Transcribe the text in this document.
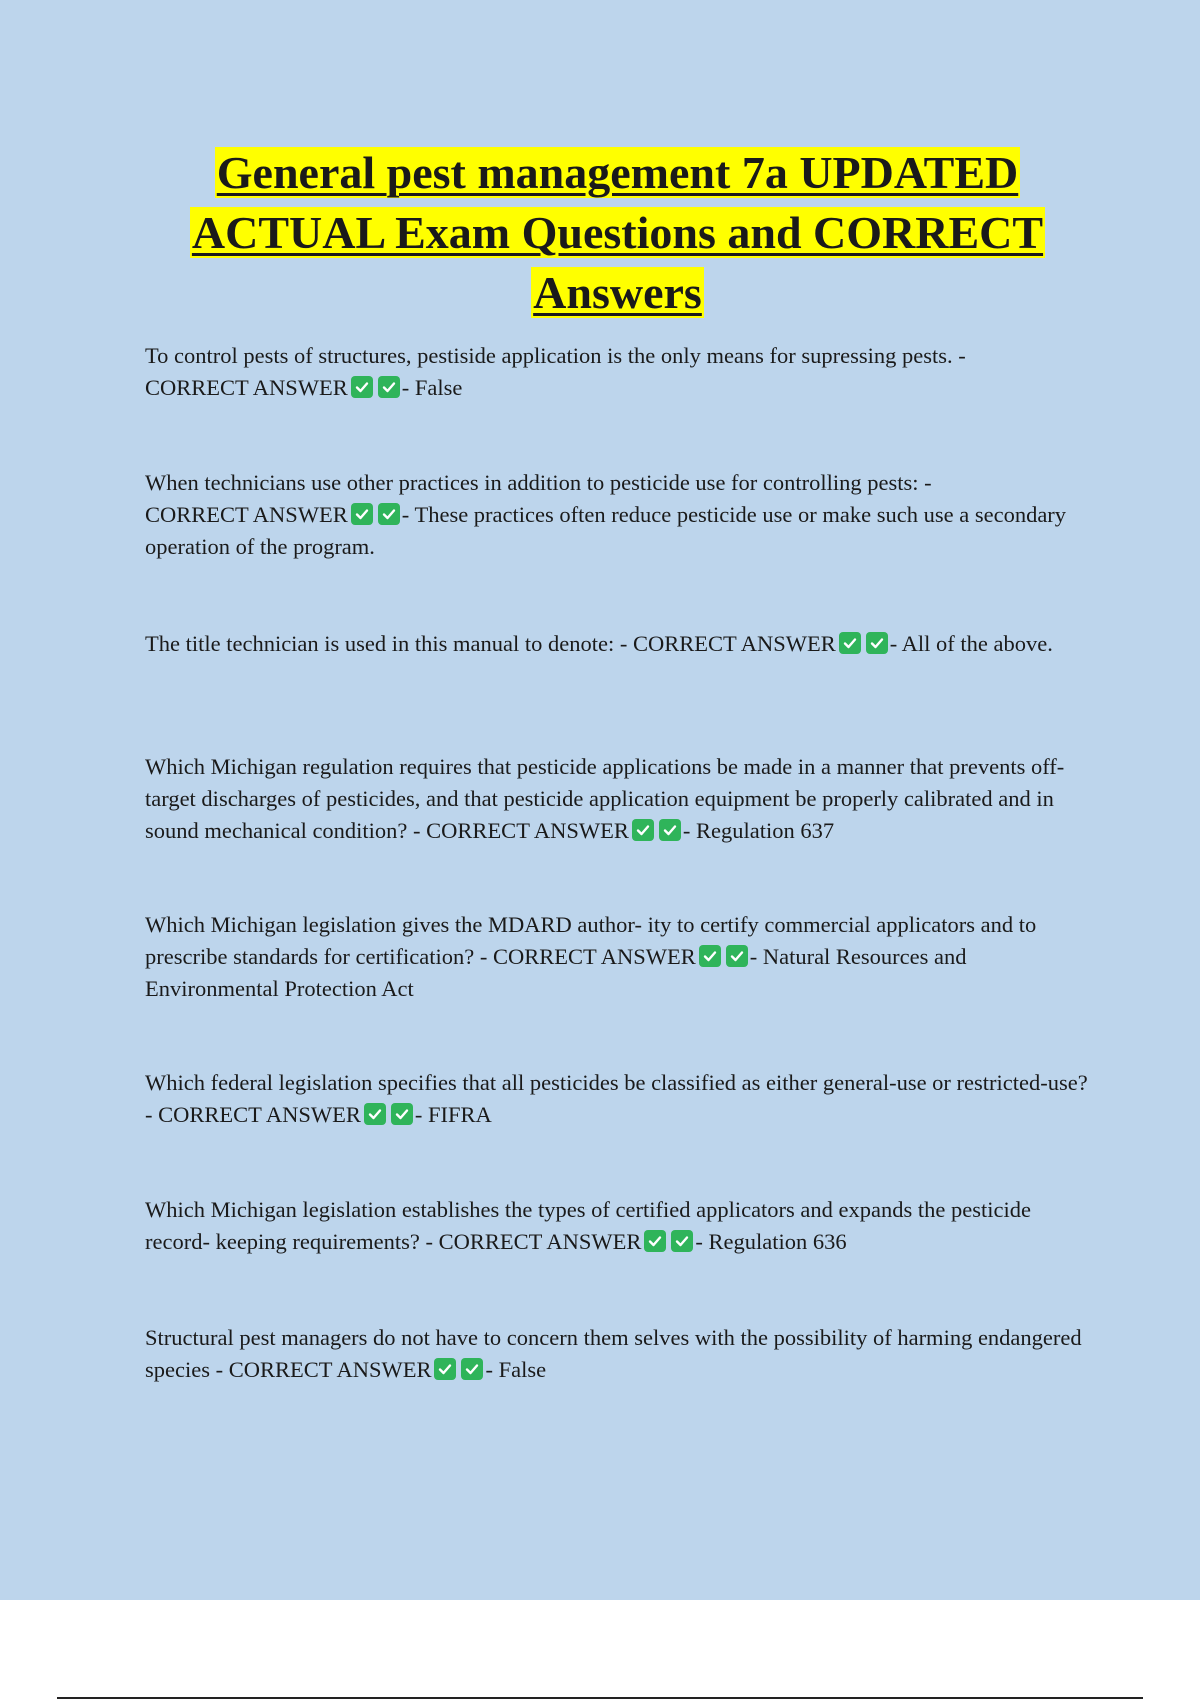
General pest management 7a UPDATED ACTUAL Exam Questions and CORRECT Answers
To control pests of structures, pestiside application is the only means for supressing pests. -
CORRECT ANSWER - False
When technicians use other practices in addition to pesticide use for controlling pests: -
CORRECT ANSWER - These practices often reduce pesticide use or make such use a secondary operation of the program.
The title technician is used in this manual to denote: - CORRECT ANSWER - All of the above.
Which Michigan regulation requires that pesticide applications be made in a manner that prevents off- target discharges of pesticides, and that pesticide application equipment be properly calibrated and in sound mechanical condition? - CORRECT ANSWER - Regulation 637
Which Michigan legislation gives the MDARD author- ity to certify commercial applicators and to prescribe standards for certification? - CORRECT ANSWER - Natural Resources and Environmental Protection Act
Which federal legislation specifies that all pesticides be classified as either general-use or restricted-use? - CORRECT ANSWER - FIFRA
Which Michigan legislation establishes the types of certified applicators and expands the pesticide record- keeping requirements? - CORRECT ANSWER - Regulation 636
Structural pest managers do not have to concern them selves with the possibility of harming endangered species - CORRECT ANSWER - False
